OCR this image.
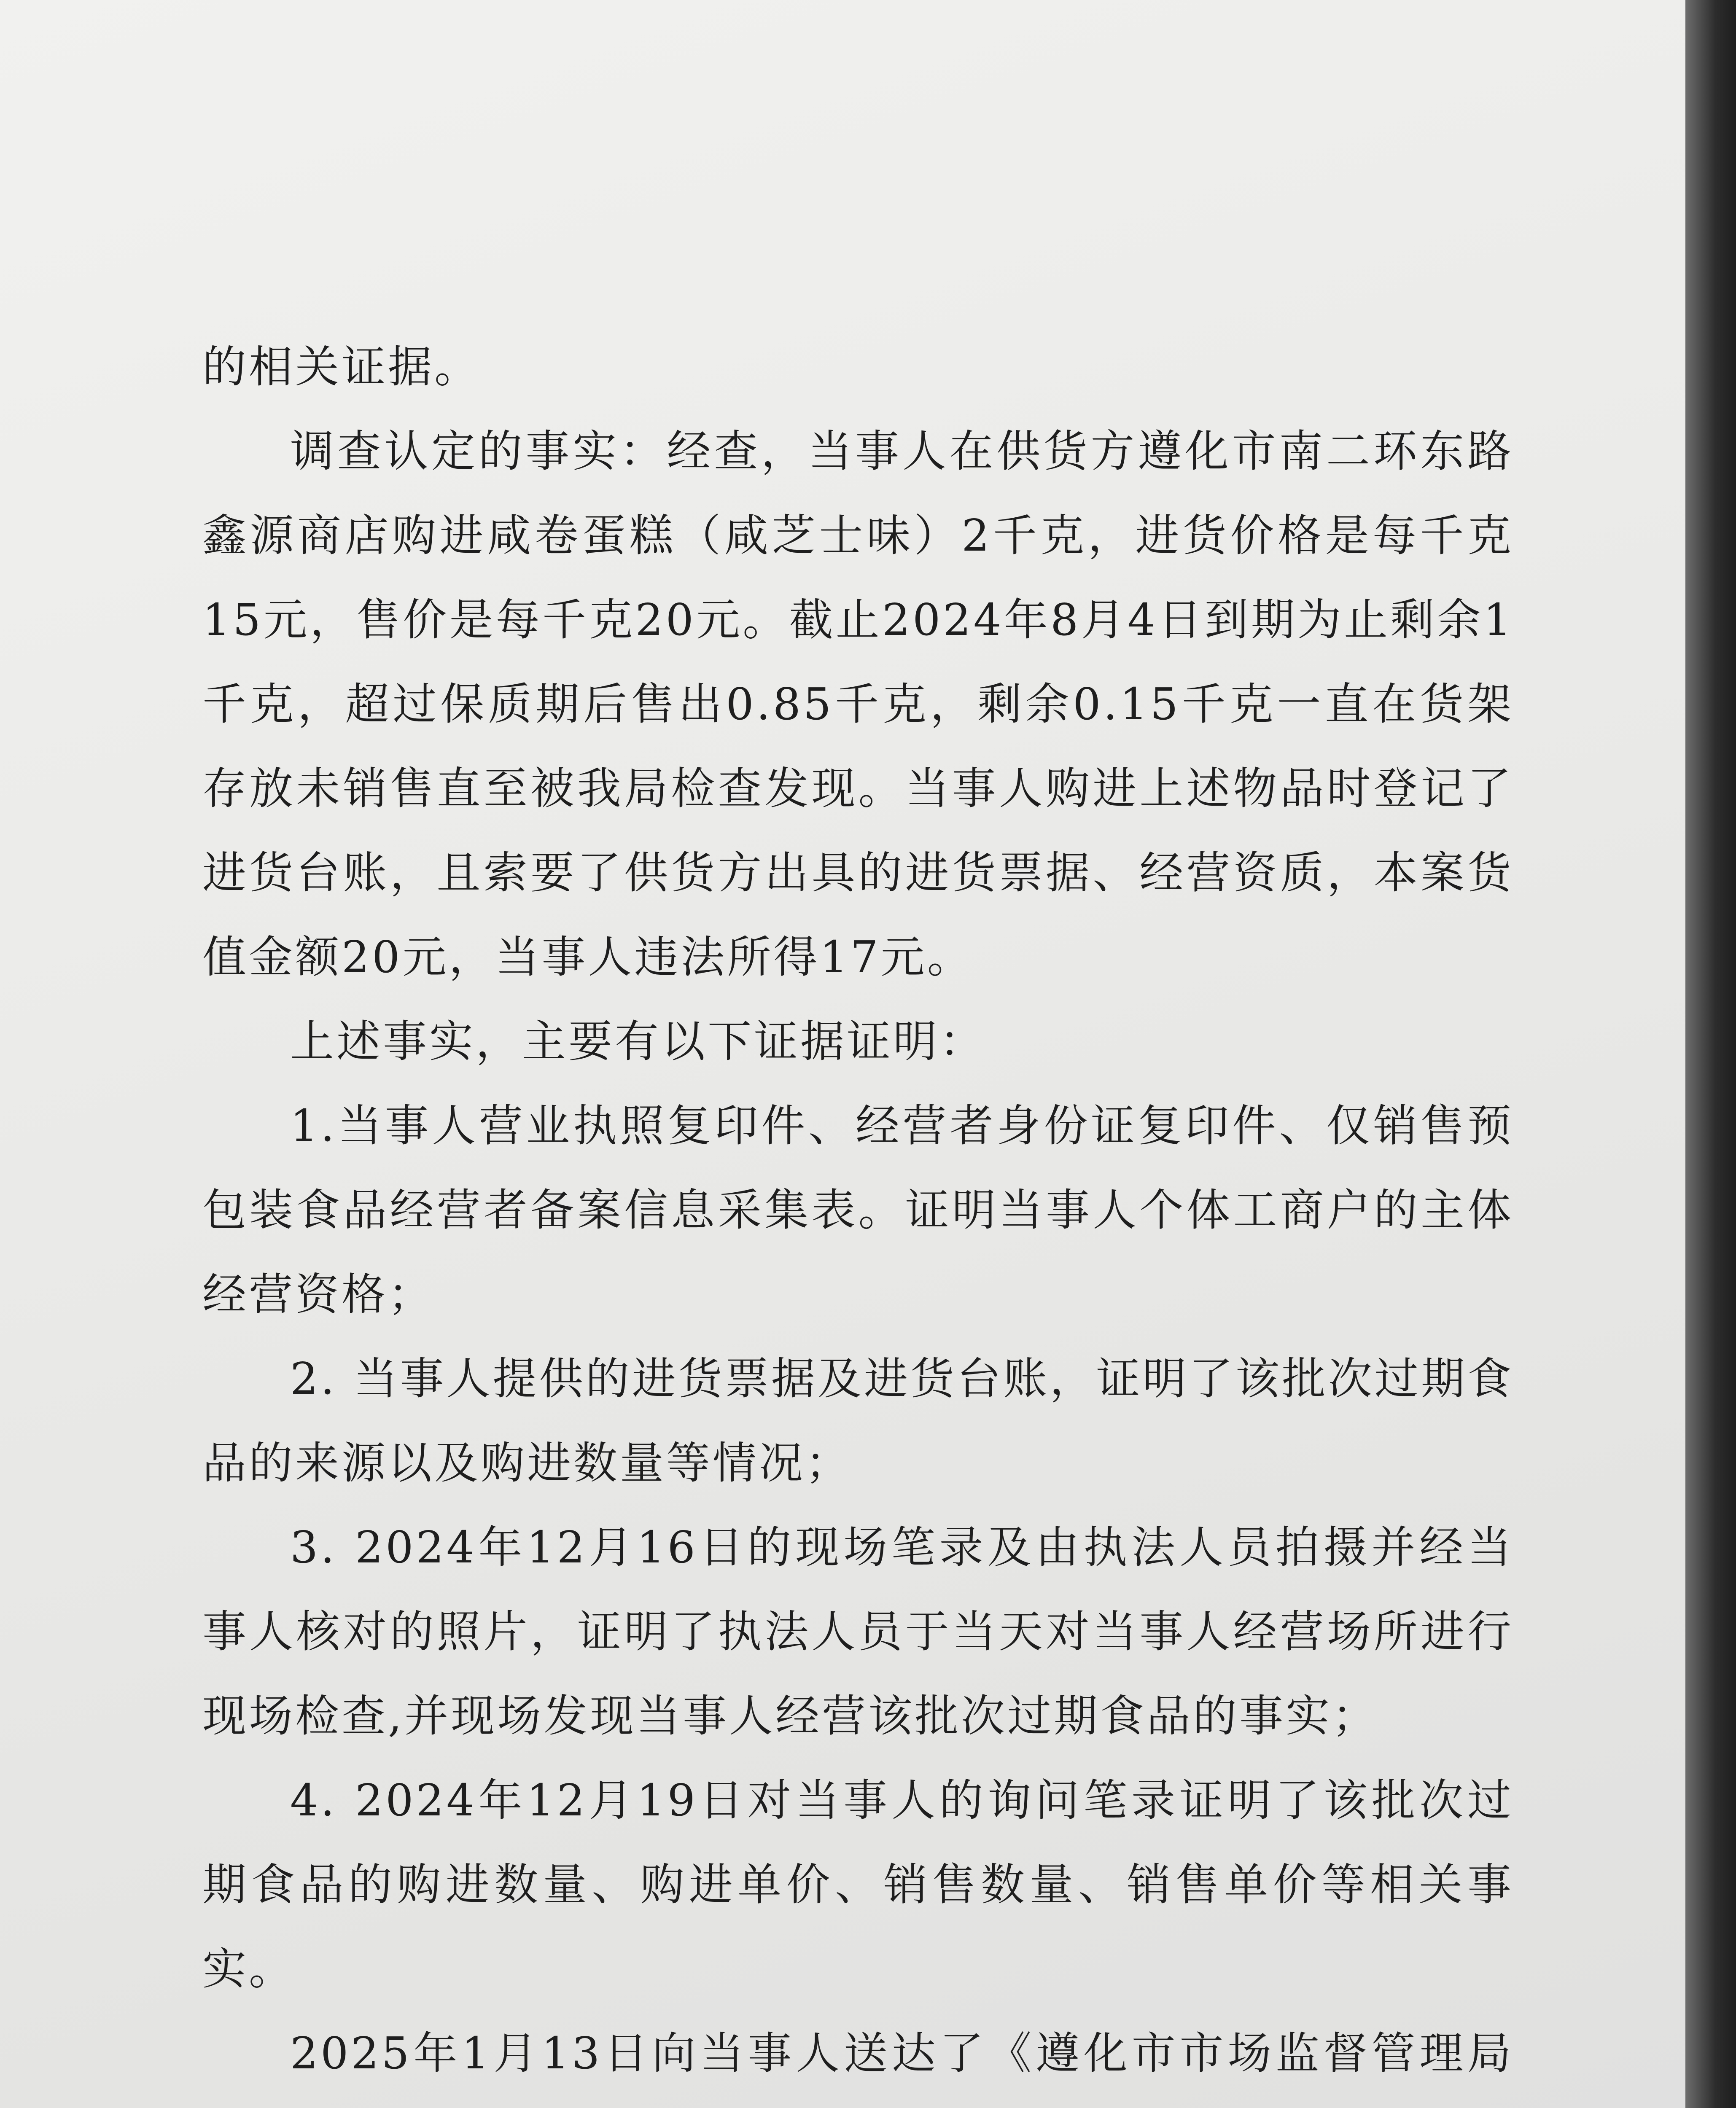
的相关证据。

调查认定的事实：经查，当事人在供货方遵化市南二环东路鑫源商店购进咸卷蛋糕（咸芝士味）2千克，进货价格是每千克15元，售价是每千克20元。截止2024年8月4日到期为止剩余1千克，超过保质期后售出0.85千克，剩余0.15千克一直在货架存放未销售直至被我局检查发现。当事人购进上述物品时登记了进货台账，且索要了供货方出具的进货票据、经营资质，本案货值金额20元，当事人违法所得17元。

上述事实，主要有以下证据证明：

1.当事人营业执照复印件、经营者身份证复印件、仅销售预包装食品经营者备案信息采集表。证明当事人个体工商户的主体经营资格；

2. 当事人提供的进货票据及进货台账，证明了该批次过期食品的来源以及购进数量等情况；

3. 2024年12月16日的现场笔录及由执法人员拍摄并经当事人核对的照片，证明了执法人员于当天对当事人经营场所进行现场检查,并现场发现当事人经营该批次过期食品的事实；

4. 2024年12月19日对当事人的询问笔录证明了该批次过期食品的购进数量、购进单价、销售数量、销售单价等相关事实。

2025年1月13日向当事人送达了《遵化市市场监督管理局
